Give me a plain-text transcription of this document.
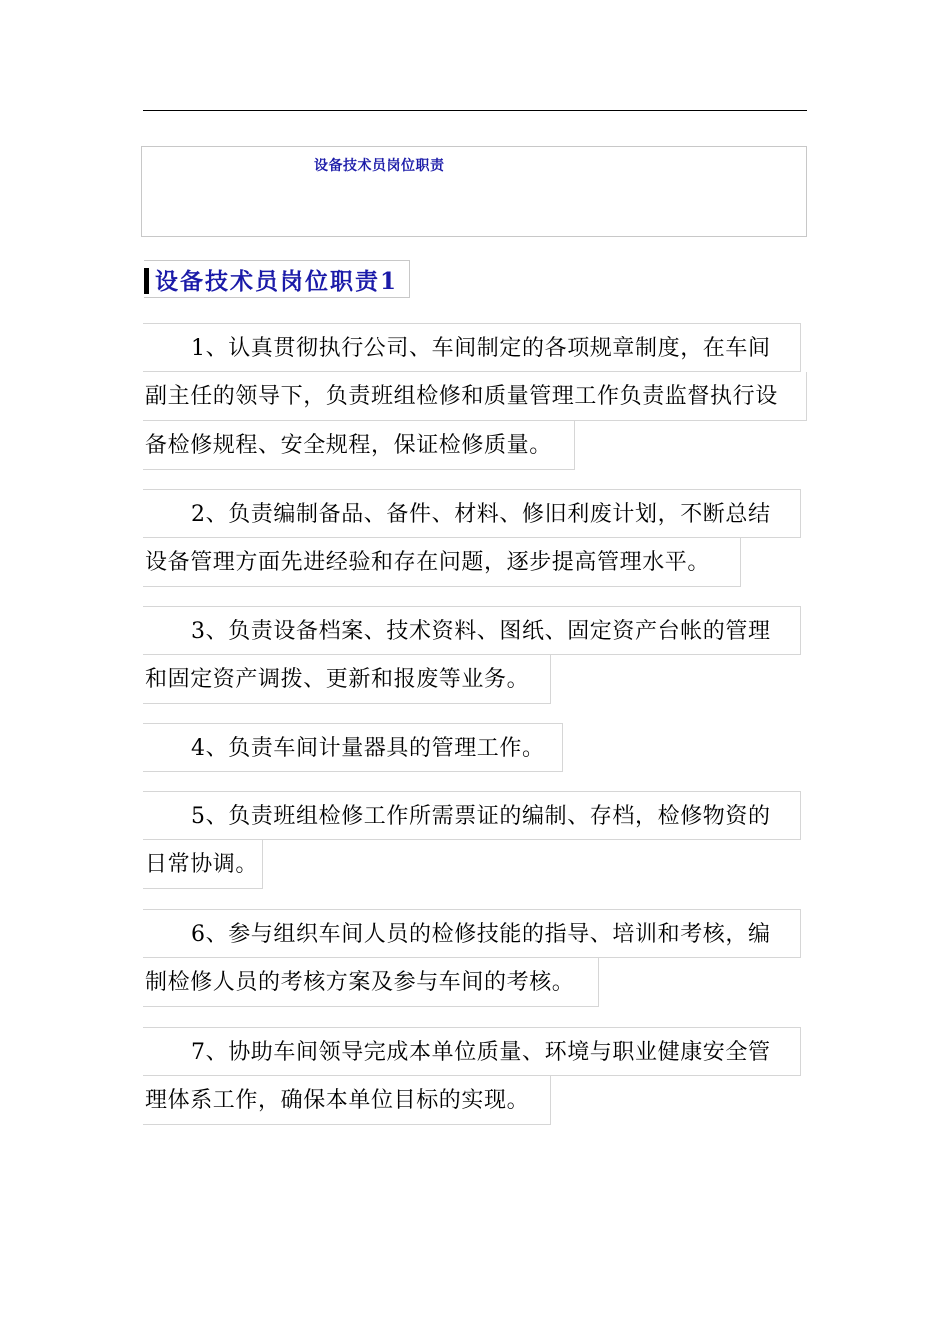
设备技术员岗位职责
设备技术员岗位职责1
1、认真贯彻执行公司、车间制定的各项规章制度，在车间
副主任的领导下，负责班组检修和质量管理工作负责监督执行设
备检修规程、安全规程，保证检修质量。
2、负责编制备品、备件、材料、修旧利废计划，不断总结
设备管理方面先进经验和存在问题，逐步提高管理水平。
3、负责设备档案、技术资料、图纸、固定资产台帐的管理
和固定资产调拨、更新和报废等业务。
4、负责车间计量器具的管理工作。
5、负责班组检修工作所需票证的编制、存档，检修物资的
日常协调。
6、参与组织车间人员的检修技能的指导、培训和考核，编
制检修人员的考核方案及参与车间的考核。
7、协助车间领导完成本单位质量、环境与职业健康安全管
理体系工作，确保本单位目标的实现。
